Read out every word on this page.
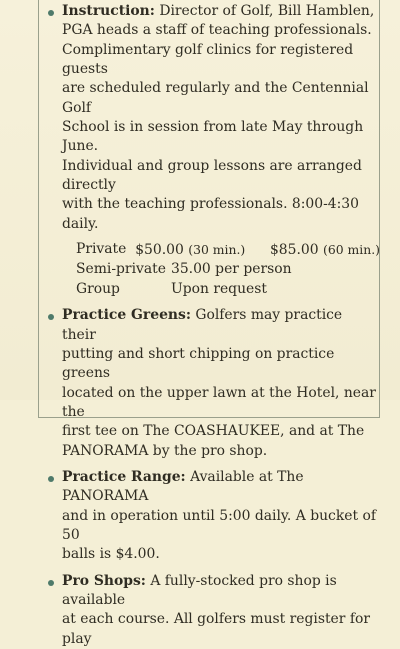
Instruction: Director of Golf, Bill Hamblen,
PGA heads a staff of teaching professionals.
Complimentary golf clinics for registered guests
are scheduled regularly and the Centennial Golf
School is in session from late May through June.
Individual and group lessons are arranged directly
with the teaching professionals. 8:00-4:30 daily.
Private $50.00 (30 min.)	$85.00 (60 min.)
Semi-private 35.00 per person
Group	Upon request
Practice Greens: Golfers may practice their
putting and short chipping on practice greens
located on the upper lawn at the Hotel, near the
first tee on The COASHAUKEE, and at The
PANORAMA by the pro shop.
Practice Range: Available at The PANORAMA
and in operation until 5:00 daily. A bucket of 50
balls is $4.00.
Pro Shops: A fully-stocked pro shop is available
at each course. All golfers must register for play
